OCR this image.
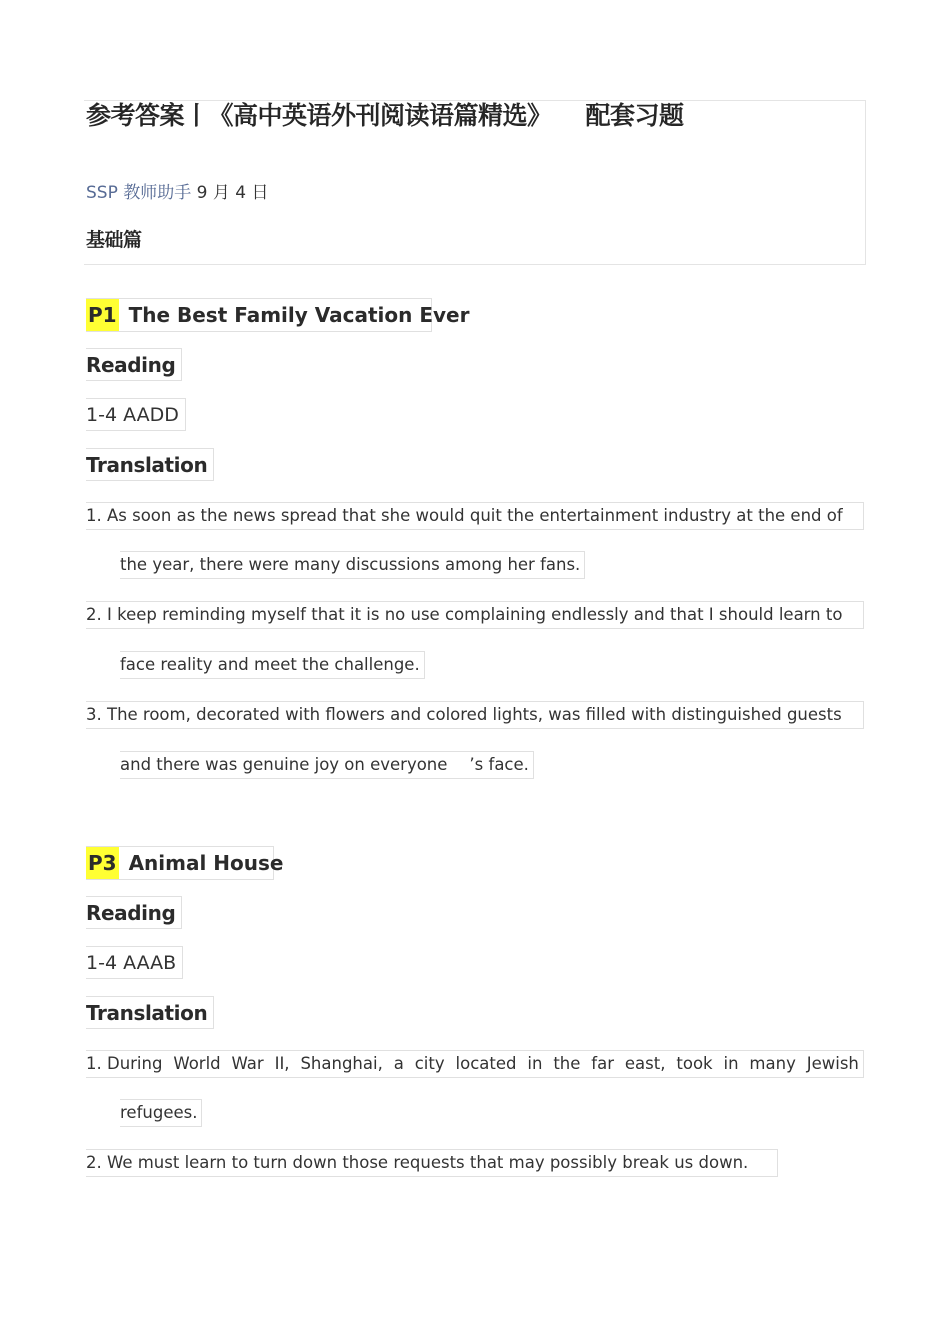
参考答案丨《高中英语外刊阅读语篇精选》 配套习题
SSP 教师助手 9 月 4 日
基础篇
P1 The Best Family Vacation Ever
Reading
1-4 AADD
Translation
1. As soon as the news spread that she would quit the entertainment industry at the end of
the year, there were many discussions among her fans.
2. I keep reminding myself that it is no use complaining endlessly and that I should learn to
face reality and meet the challenge.
3. The room, decorated with flowers and colored lights, was filled with distinguished guests
and there was genuine joy on everyone ’s face.
P3 Animal House
Reading
1-4 AAAB
Translation
1. During World War II, Shanghai, a city located in the far east, took in many Jewish
refugees.
2. We must learn to turn down those requests that may possibly break us down.
